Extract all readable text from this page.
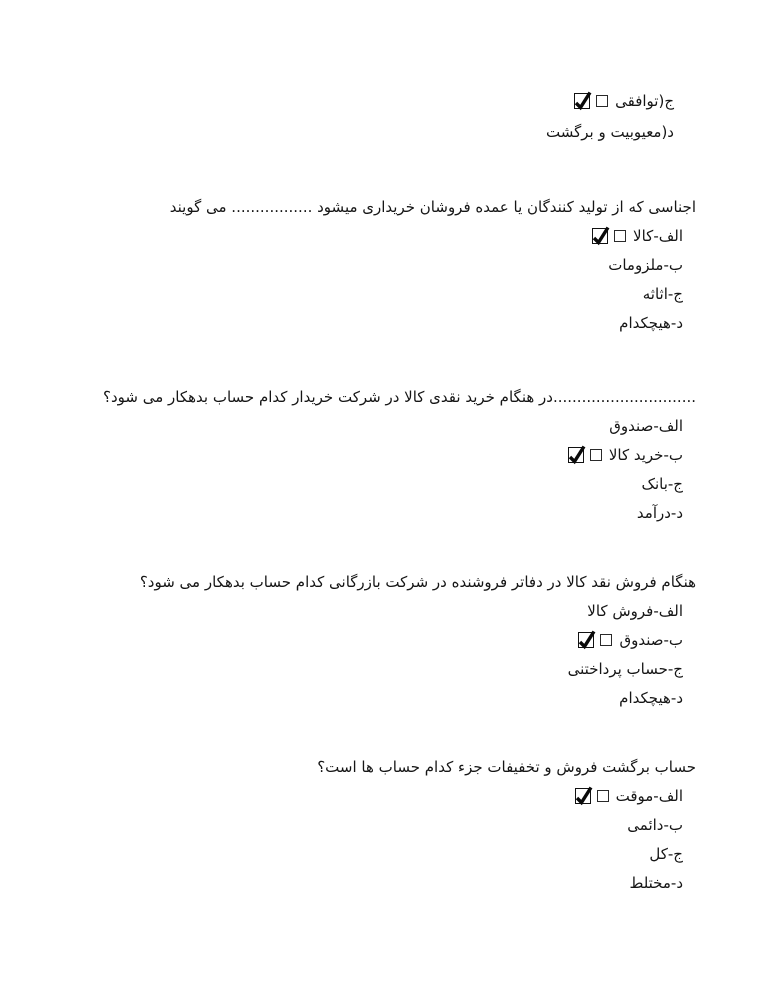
ج(توافقی
د(معیوبیت و برگشت
اجناسی که از تولید کنندگان یا عمده فروشان خریداری میشود ................. می گویند
الف-کالا
ب-ملزومات
ج-اثاثه
د-هیچکدام
..............................در هنگام خرید نقدی کالا در شرکت خریدار کدام حساب بدهکار می شود؟
الف-صندوق
ب-خرید کالا
ج-بانک
د-درآمد
هنگام فروش نقد کالا در دفاتر فروشنده در شرکت بازرگانی کدام حساب بدهکار می شود؟
الف-فروش کالا
ب-صندوق
ج-حساب پرداختنی
د-هیچکدام
حساب برگشت فروش و تخفیفات جزء کدام حساب ها است؟
الف-موقت
ب-دائمی
ج-کل
د-مختلط
